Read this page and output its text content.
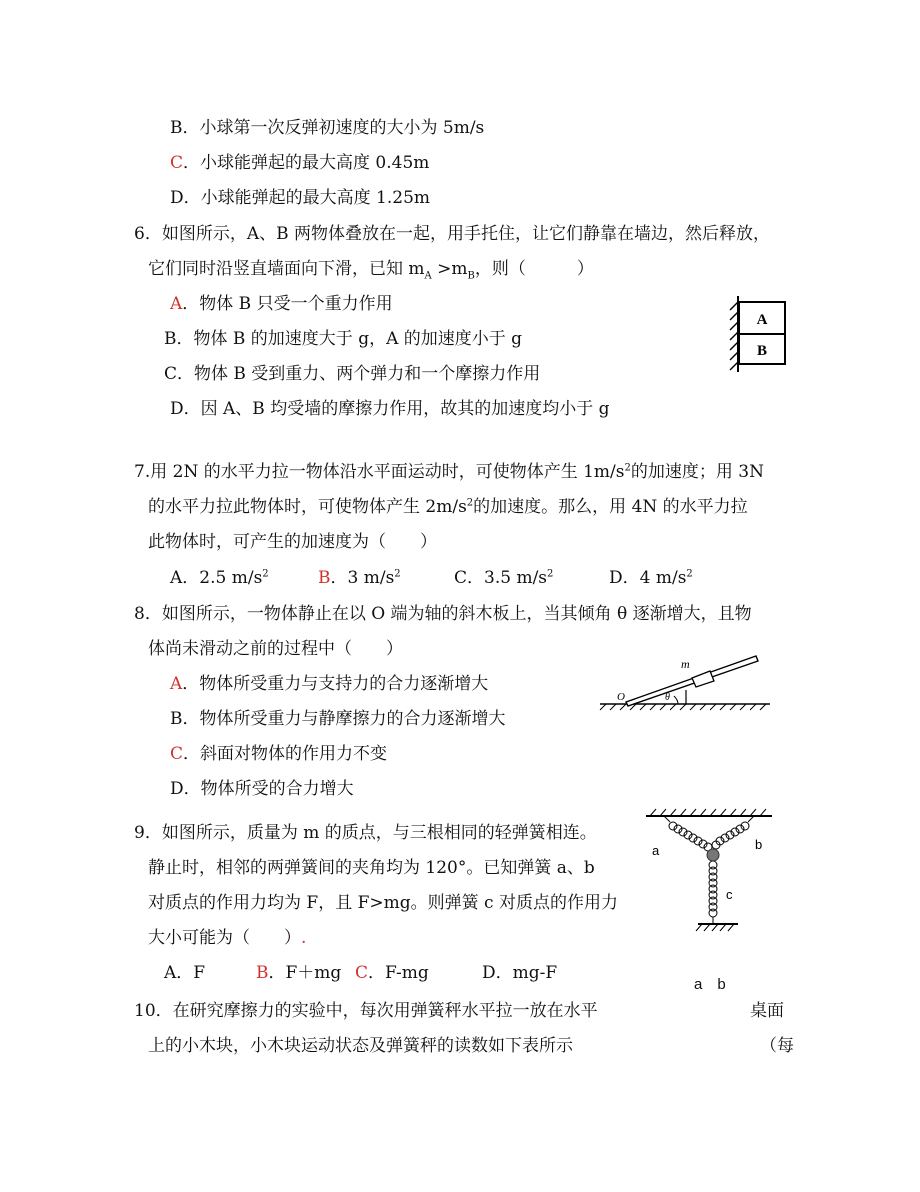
B．小球第一次反弹初速度的大小为 5m/s
C．小球能弹起的最大高度 0.45m
D．小球能弹起的最大高度 1.25m
6．如图所示，A、B 两物体叠放在一起，用手托住，让它们静靠在墙边，然后释放，
它们同时沿竖直墙面向下滑，已知 $m_A >m_B$，则（　　　）
A．物体 B 只受一个重力作用
B．物体 B 的加速度大于 g，A 的加速度小于 g
C．物体 B 受到重力、两个弹力和一个摩擦力作用
D．因 A、B 均受墙的摩擦力作用，故其的加速度均小于 g
A
B
7.用 2N 的水平力拉一物体沿水平面运动时，可使物体产生 $1m/s^2$的加速度；用 3N
的水平力拉此物体时，可使物体产生 $2m/s^2$的加速度。那么，用 4N 的水平力拉
此物体时，可产生的加速度为（　　）
A．2.5 $m/s^2$	B．3 $m/s^2$	C．3.5 $m/s^2$	D．4 $m/s^2$
8．如图所示，一物体静止在以 O 端为轴的斜木板上，当其倾角 θ 逐渐增大，且物
体尚未滑动之前的过程中（　　）
A．物体所受重力与支持力的合力逐渐增大
B．物体所受重力与静摩擦力的合力逐渐增大
C．斜面对物体的作用力不变
D．物体所受的合力增大
m
O	θ
9．如图所示，质量为 m 的质点，与三根相同的轻弹簧相连。
静止时，相邻的两弹簧间的夹角均为 120°。已知弹簧 a、b
对质点的作用力均为 F，且 F>mg。则弹簧 c 对质点的作用力
大小可能为（　　）.
A．F	B．F＋mg C．F-mg	D．mg-F
a	b
c
a　b
10．在研究摩擦力的实验中，每次用弹簧秤水平拉一放在水平	桌面
上的小木块，小木块运动状态及弹簧秤的读数如下表所示	（每
